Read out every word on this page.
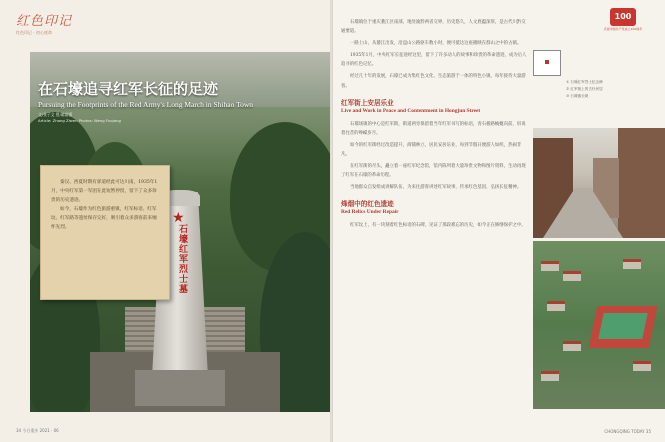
红色印记
红色印记 · 初心使命
★
石壕红军烈士墓
在石壕追寻红军长征的足迹
Pursuing the Footprints of the Red Army's Long March in Shihao Town
文/张子文 图/翁富强
Article: Zhang Ziwen Photos: Weng Fuqiang

秦汉、西夏时期有驿道经此可达川南，1935年1月，中央红军第一军团在此短暂停留，留下了众多珍贵的历史遗迹。

如今，石壕作为红色旅游重镇，红军标语、红军坟、红军路等遗址保存完好，吸引着众多游客前来缅怀先烈。

34 今日重庆 2021 · 06

石壕镇位于重庆綦江区南部，地处渝黔两省交界，历史悠久，人文底蕴深厚，是古代川黔交通要道。

一路上山，从綦江出发，沿盘山公路驱车数小时，便可抵达这座掩映在群山之中的古镇。

1935年1月，中央红军长征途经这里，留下了许多动人的故事和珍贵的革命遗迹，成为后人追寻的红色记忆。

经过几十年的发展，石壕已成为集红色文化、生态旅游于一体的特色小镇，每年接待大量游客。

红军街上安居乐业
Live and Work in Peace and Contentment in Hongjun Street

石壕场镇的中心是红军街，街道两旁保留着当年红军书写的标语，青石板路蜿蜒向前，诉说着往昔的峥嵘岁月。

如今的红军街经过改造提升，商铺林立，居民安居乐业，每到节假日便游人如织，热闹非凡。

在红军街的尽头，矗立着一座红军纪念馆，馆内陈列着大量珍贵文物和图片资料，生动再现了红军在石壕的革命历程。

当地群众自发组成讲解队伍，为来往游客讲述红军故事，传承红色基因，弘扬长征精神。

烽烟中的红色遗迹
Red Relics Under Repair

红军坟上，有一块刻着红色标语的石碑，见证了那段难忘的历史，如今正在修缮保护之中。

100
庆祝中国共产党成立100周年
① 石壕红军烈士纪念碑
② 红军街上的古朴民居
③ 石壕镇全貌
CHONGQING TODAY 35
